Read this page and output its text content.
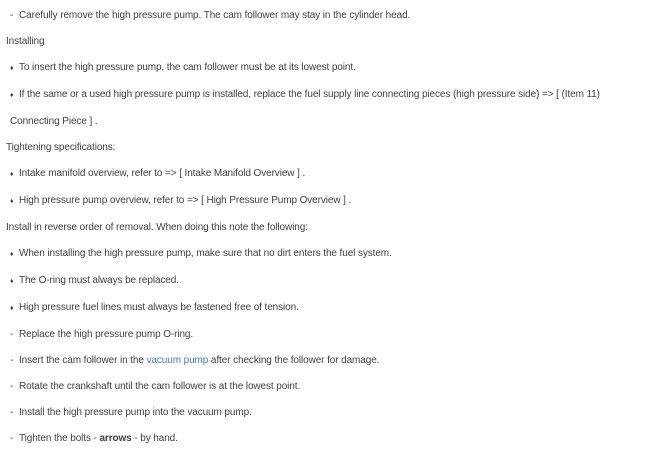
- Carefully remove the high pressure pump. The cam follower may stay in the cylinder head.
Installing
♦ To insert the high pressure pump, the cam follower must be at its lowest point.
♦ If the same or a used high pressure pump is installed, replace the fuel supply line connecting pieces (high pressure side) => [ (Item 11) Connecting Piece ] .
Tightening specifications:
♦ Intake manifold overview, refer to => [ Intake Manifold Overview ] .
♦ High pressure pump overview, refer to => [ High Pressure Pump Overview ] .
Install in reverse order of removal. When doing this note the following:
♦ When installing the high pressure pump, make sure that no dirt enters the fuel system.
♦ The O-ring must always be replaced.
♦ High pressure fuel lines must always be fastened free of tension.
- Replace the high pressure pump O-ring.
- Insert the cam follower in the vacuum pump after checking the follower for damage.
- Rotate the crankshaft until the cam follower is at the lowest point.
- Install the high pressure pump into the vacuum pump.
- Tighten the bolts - arrows - by hand.
